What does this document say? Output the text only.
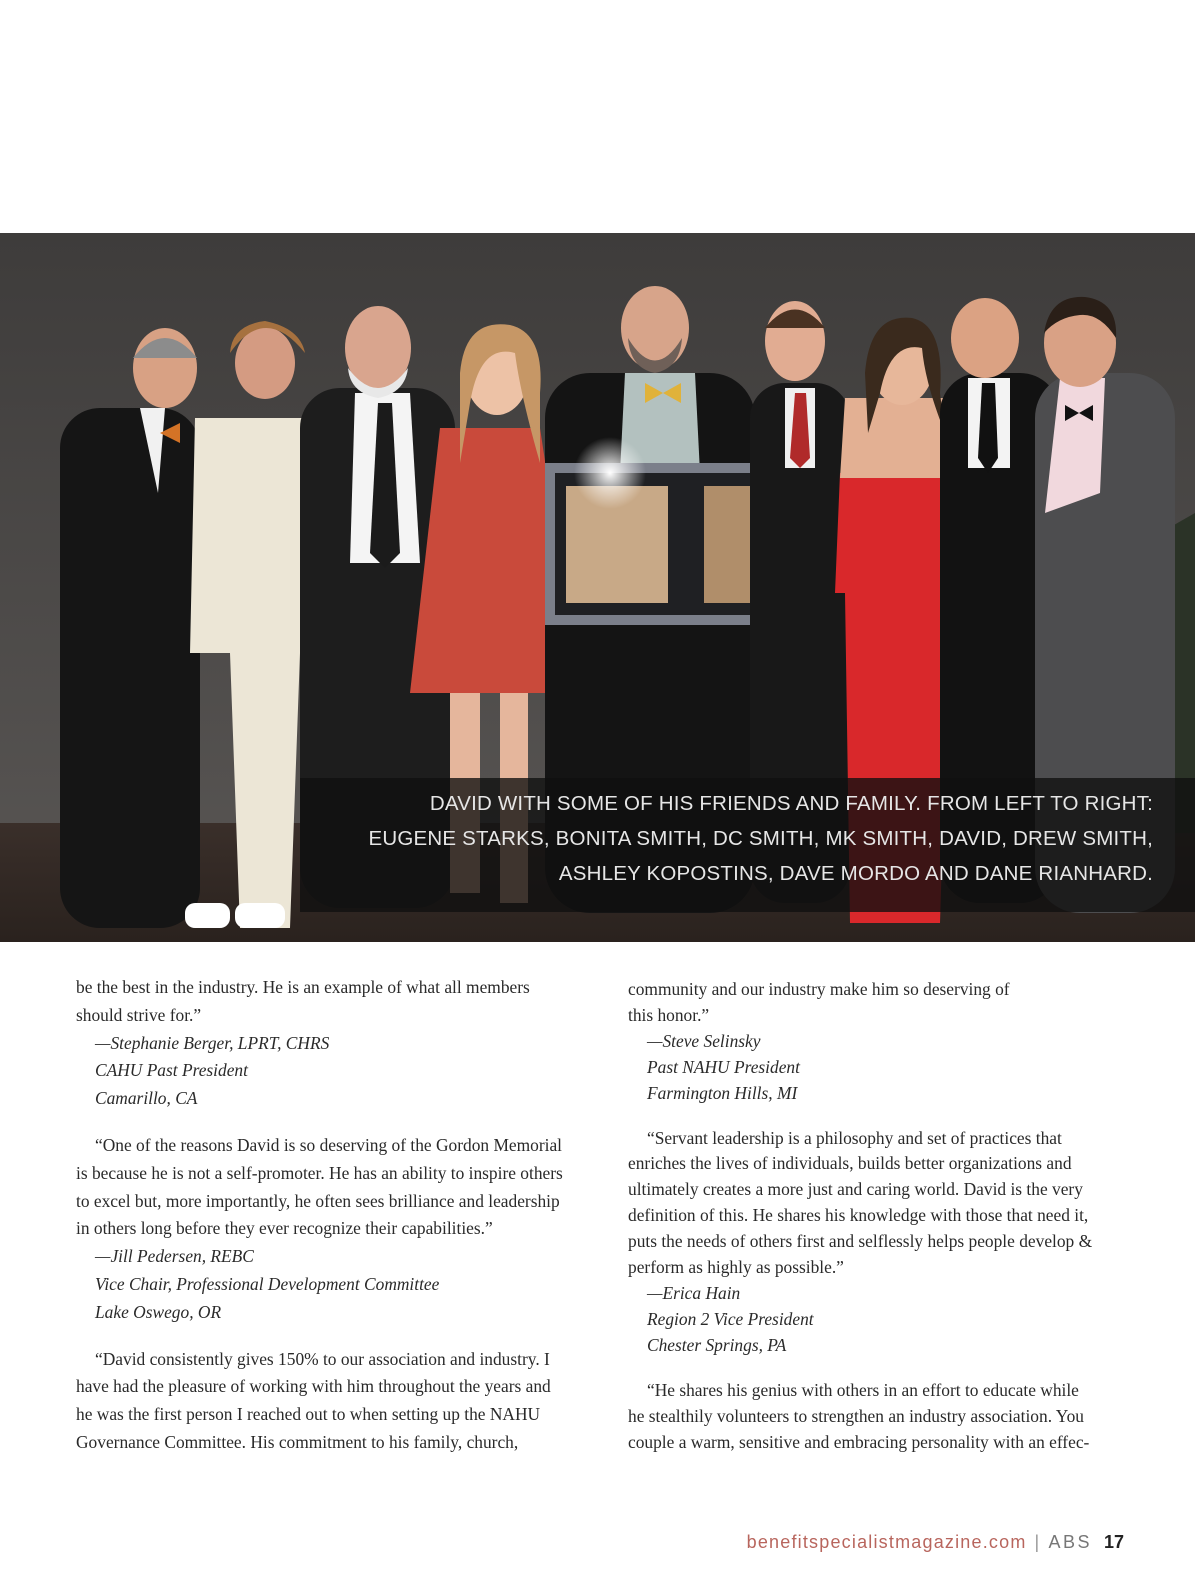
DAVID WITH SOME OF HIS FRIENDS AND FAMILY. FROM LEFT TO RIGHT:
EUGENE STARKS, BONITA SMITH, DC SMITH, MK SMITH, DAVID, DREW SMITH,
ASHLEY KOPOSTINS, DAVE MORDO AND DANE RIANHARD.

be the best in the industry. He is an example of what all members

should strive for.”

—Stephanie Berger, LPRT, CHRS

CAHU Past President

Camarillo, CA

“One of the reasons David is so deserving of the Gordon Memorial

is because he is not a self-promoter. He has an ability to inspire others

to excel but, more importantly, he often sees brilliance and leadership

in others long before they ever recognize their capabilities.”

—Jill Pedersen, REBC

Vice Chair, Professional Development Committee

Lake Oswego, OR

“David consistently gives 150% to our association and industry. I

have had the pleasure of working with him throughout the years and

he was the first person I reached out to when setting up the NAHU

Governance Committee. His commitment to his family, church,

community and our industry make him so deserving of

this honor.”

—Steve Selinsky

Past NAHU President

Farmington Hills, MI

“Servant leadership is a philosophy and set of practices that

enriches the lives of individuals, builds better organizations and

ultimately creates a more just and caring world. David is the very

definition of this. He shares his knowledge with those that need it,

puts the needs of others first and selflessly helps people develop &

perform as highly as possible.”

—Erica Hain

Region 2 Vice President

Chester Springs, PA

“He shares his genius with others in an effort to educate while

he stealthily volunteers to strengthen an industry association. You

couple a warm, sensitive and embracing personality with an effec-

benefitspecialistmagazine.com | ABS 17
